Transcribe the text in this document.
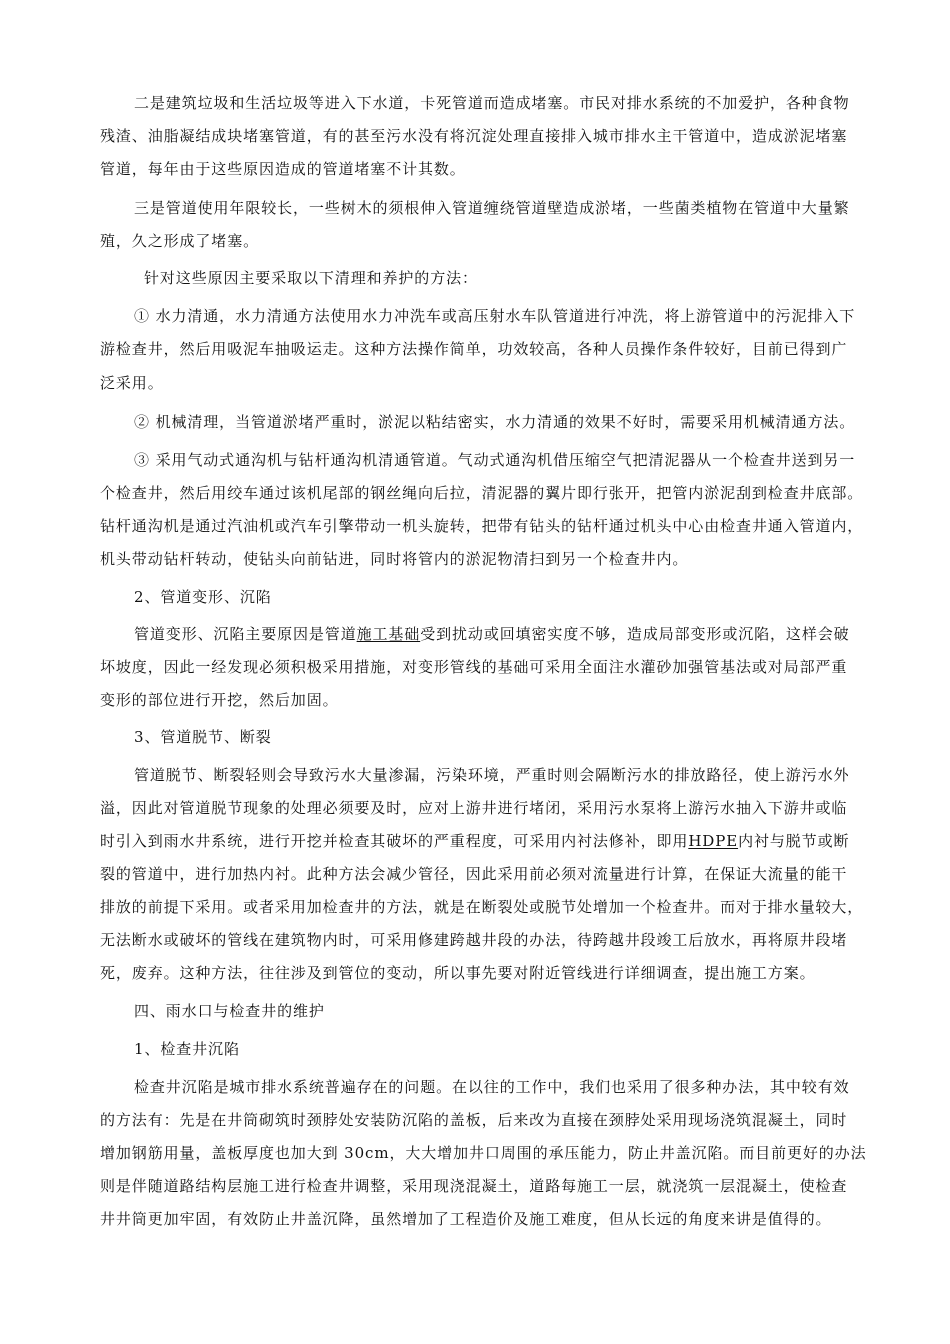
二是建筑垃圾和生活垃圾等进入下水道，卡死管道而造成堵塞。市民对排水系统的不加爱护，各种食物
残渣、油脂凝结成块堵塞管道，有的甚至污水没有将沉淀处理直接排入城市排水主干管道中，造成淤泥堵塞
管道，每年由于这些原因造成的管道堵塞不计其数。
三是管道使用年限较长，一些树木的须根伸入管道缠绕管道壁造成淤堵，一些菌类植物在管道中大量繁
殖，久之形成了堵塞。
针对这些原因主要采取以下清理和养护的方法：
① 水力清通，水力清通方法使用水力冲洗车或高压射水车队管道进行冲洗，将上游管道中的污泥排入下
游检查井，然后用吸泥车抽吸运走。这种方法操作简单，功效较高，各种人员操作条件较好，目前已得到广
泛采用。
② 机械清理，当管道淤堵严重时，淤泥以粘结密实，水力清通的效果不好时，需要采用机械清通方法。
③ 采用气动式通沟机与钻杆通沟机清通管道。气动式通沟机借压缩空气把清泥器从一个检查井送到另一
个检查井，然后用绞车通过该机尾部的钢丝绳向后拉，清泥器的翼片即行张开，把管内淤泥刮到检查井底部。
钻杆通沟机是通过汽油机或汽车引擎带动一机头旋转，把带有钻头的钻杆通过机头中心由检查井通入管道内，
机头带动钻杆转动，使钻头向前钻进，同时将管内的淤泥物清扫到另一个检查井内。
2、管道变形、沉陷
管道变形、沉陷主要原因是管道施工基础受到扰动或回填密实度不够，造成局部变形或沉陷，这样会破
坏坡度，因此一经发现必须积极采用措施，对变形管线的基础可采用全面注水灌砂加强管基法或对局部严重
变形的部位进行开挖，然后加固。
3、管道脱节、断裂
管道脱节、断裂轻则会导致污水大量渗漏，污染环境，严重时则会隔断污水的排放路径，使上游污水外
溢，因此对管道脱节现象的处理必须要及时，应对上游井进行堵闭，采用污水泵将上游污水抽入下游井或临
时引入到雨水井系统，进行开挖并检查其破坏的严重程度，可采用内衬法修补，即用HDPE内衬与脱节或断
裂的管道中，进行加热内衬。此种方法会减少管径，因此采用前必须对流量进行计算，在保证大流量的能干
排放的前提下采用。或者采用加检查井的方法，就是在断裂处或脱节处增加一个检查井。而对于排水量较大，
无法断水或破坏的管线在建筑物内时，可采用修建跨越井段的办法，待跨越井段竣工后放水，再将原井段堵
死，废弃。这种方法，往往涉及到管位的变动，所以事先要对附近管线进行详细调查，提出施工方案。
四、雨水口与检查井的维护
1、检查井沉陷
检查井沉陷是城市排水系统普遍存在的问题。在以往的工作中，我们也采用了很多种办法，其中较有效
的方法有：先是在井筒砌筑时颈脖处安装防沉陷的盖板，后来改为直接在颈脖处采用现场浇筑混凝土，同时
增加钢筋用量，盖板厚度也加大到 30cm，大大增加井口周围的承压能力，防止井盖沉陷。而目前更好的办法
则是伴随道路结构层施工进行检查井调整，采用现浇混凝土，道路每施工一层，就浇筑一层混凝土，使检查
井井筒更加牢固，有效防止井盖沉降，虽然增加了工程造价及施工难度，但从长远的角度来讲是值得的。
